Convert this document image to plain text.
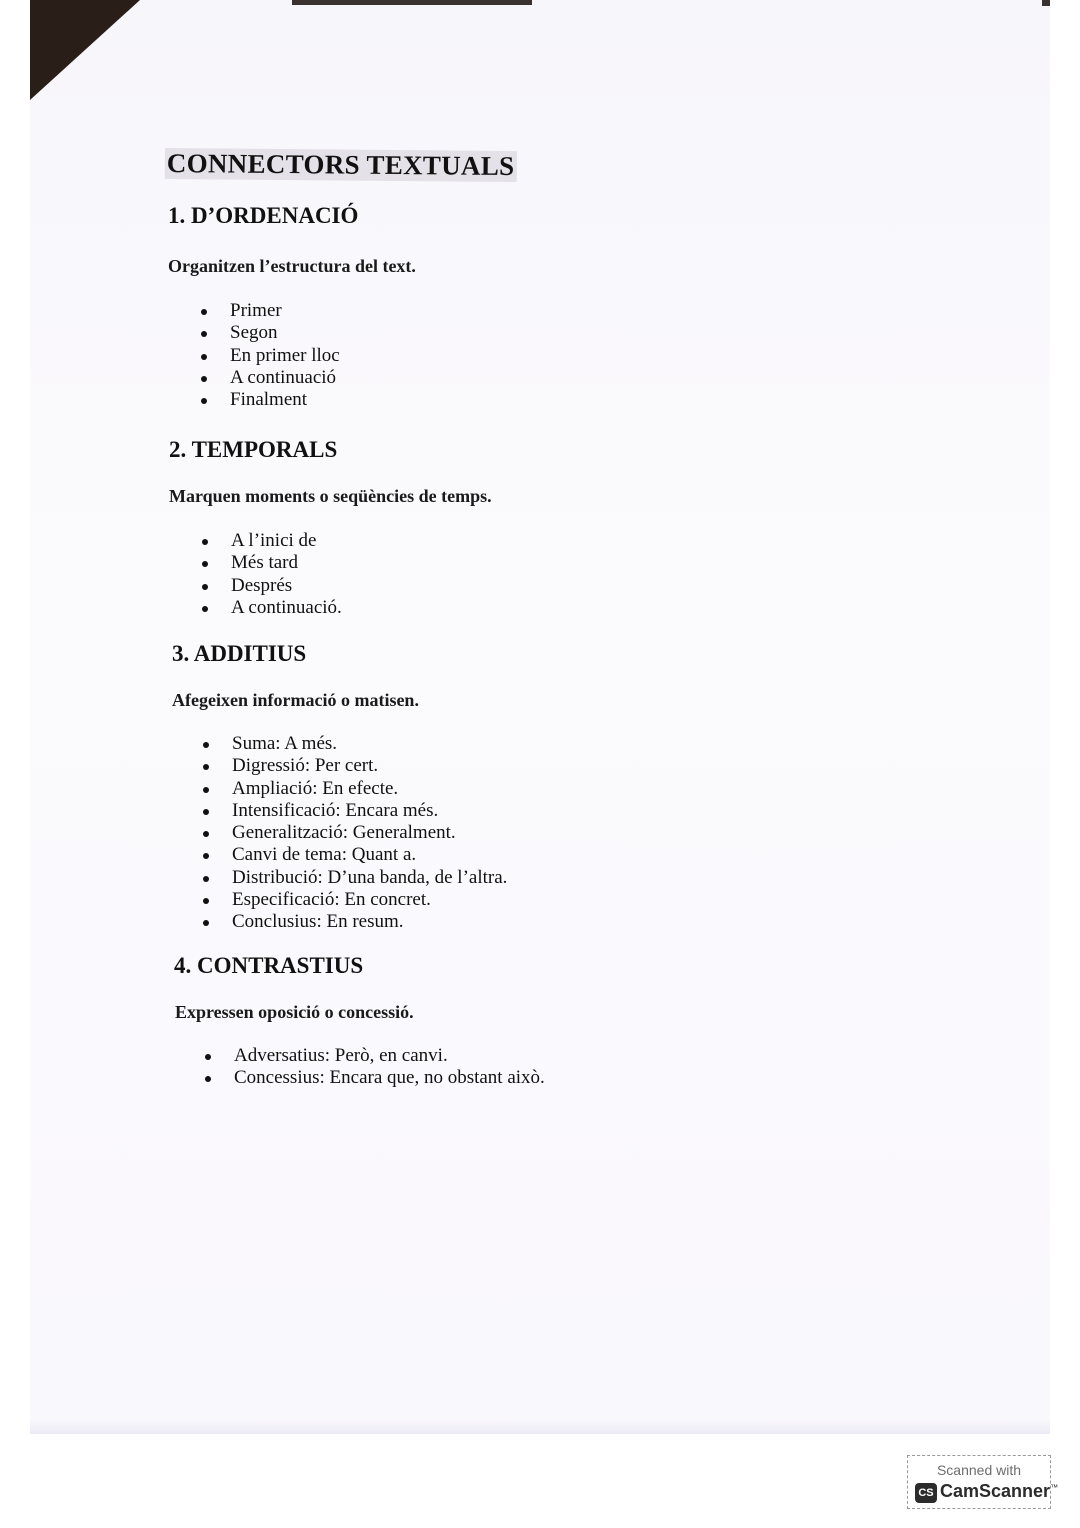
CONNECTORS TEXTUALS
1. D’ORDENACIÓ
Organitzen l’estructura del text.
Primer
Segon
En primer lloc
A continuació
Finalment
2. TEMPORALS
Marquen moments o seqüències de temps.
A l’inici de
Més tard
Després
A continuació.
3. ADDITIUS
Afegeixen informació o matisen.
Suma: A més.
Digressió: Per cert.
Ampliació: En efecte.
Intensificació: Encara més.
Generalització: Generalment.
Canvi de tema: Quant a.
Distribució: D’una banda, de l’altra.
Especificació: En concret.
Conclusius: En resum.
4. CONTRASTIUS
Expressen oposició o concessió.
Adversatius: Però, en canvi.
Concessius: Encara que, no obstant això.
Scanned with
CS CamScanner™
